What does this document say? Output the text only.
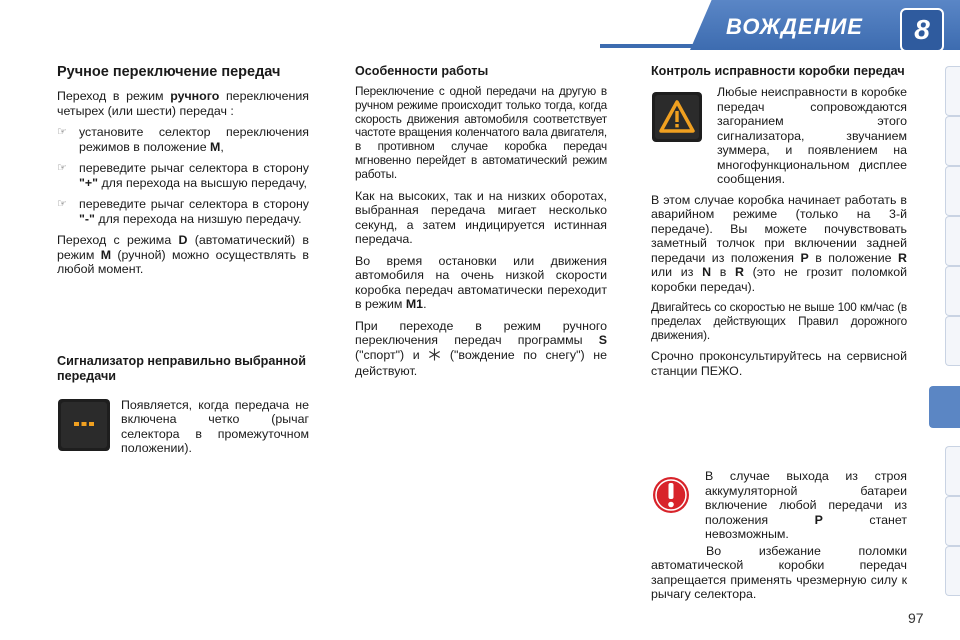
ВОЖДЕНИЕ 8
Ручное переключение передач

Переход в режим ручного переключения четырех (или шести) передач :

☞ установите селектор переключения режимов в положение M,
☞ переведите рычаг селектора в сторону "+" для перехода на высшую передачу,
☞ переведите рычаг селектора в сторону "-" для перехода на низшую передачу.

Переход с режима D (автоматический) в режим M (ручной) можно осуществлять в любой момент.

Сигнализатор неправильно выбранной передачи
Появляется, когда передача не включена четко (рычаг селектора в промежуточном положении).
Особенности работы

Переключение с одной передачи на другую в ручном режиме происходит только тогда, когда скорость движения автомобиля соответствует частоте вращения коленчатого вала двигателя, в противном случае коробка передач мгновенно перейдет в автоматический режим работы.

Как на высоких, так и на низких оборотах, выбранная передача мигает несколько секунд, а затем индицируется истинная передача.

Во время остановки или движения автомобиля на очень низкой скорости коробка передач автоматически переходит в режим M1.

При переходе в режим ручного переключения передач программы S ("спорт") и  ("вождение по снегу") не действуют.

Контроль исправности коробки передач
Любые неисправности в коробке передач сопровождаются загоранием этого сигнализатора, звучанием зуммера, и появлением на многофункциональном дисплее сообщения.

В этом случае коробка начинает работать в аварийном режиме (только на 3-й передаче). Вы можете почувствовать заметный толчок при включении задней передачи из положения P в положение R или из N в R (это не грозит поломкой коробки передач).

Двигайтесь со скоростью не выше 100 км/час (в пределах действующих Правил дорожного движения).

Срочно проконсультируйтесь на сервисной станции ПЕЖО.

В случае выхода из строя аккумуляторной батареи включение любой передачи из положения P станет невозможным.

Во избежание поломки автоматической коробки передач запрещается применять чрезмерную силу к рычагу селектора.

97
